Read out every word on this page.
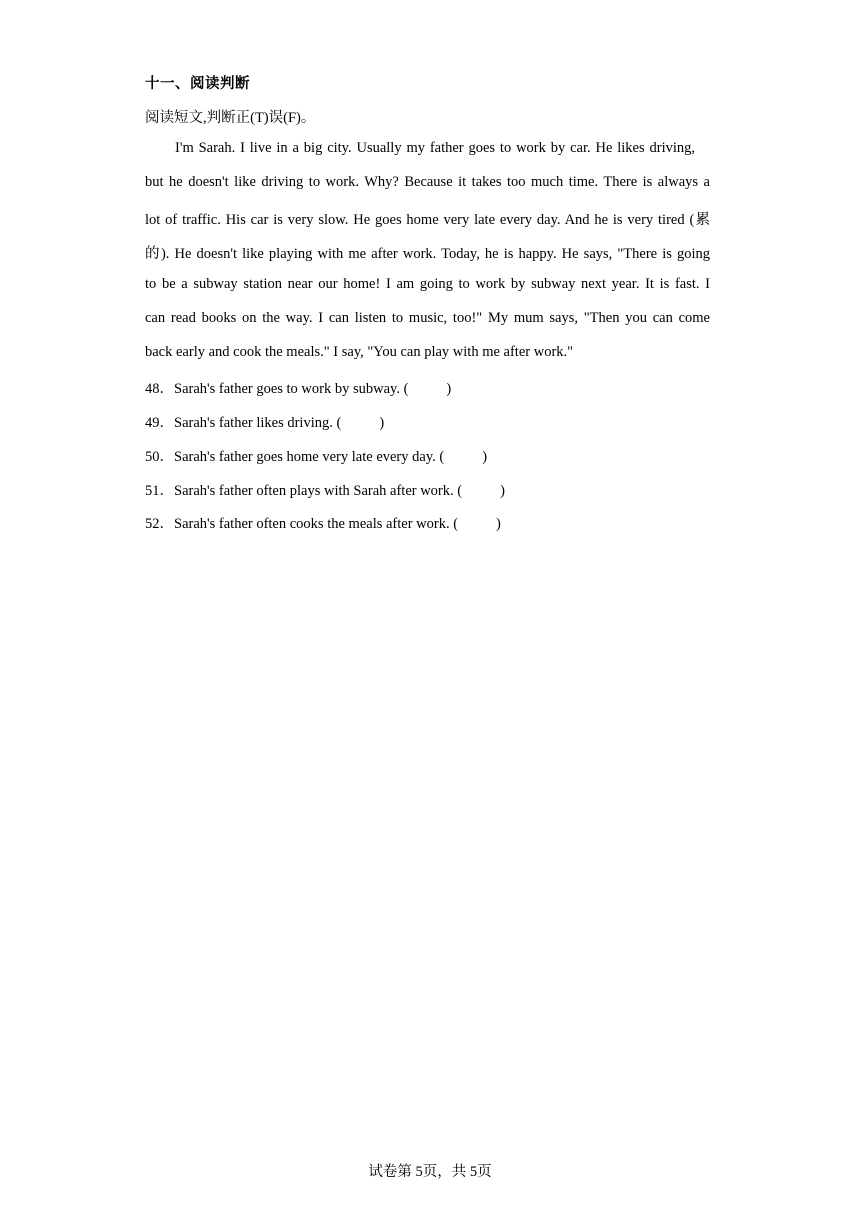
十一、阅读判断
阅读短文,判断正(T)误(F)。
I'm Sarah. I live in a big city. Usually my father goes to work by car. He likes driving,
but he doesn't like driving to work. Why? Because it takes too much time. There is always a
lot of traffic. His car is very slow. He goes home very late every day. And he is very tired (累
的). He doesn't like playing with me after work. Today, he is happy. He says, "There is going
to be a subway station near our home! I am going to work by subway next year. It is fast. I
can read books on the way. I can listen to music, too!" My mum says, "Then you can come
back early and cook the meals." I say, "You can play with me after work."
48．Sarah's father goes to work by subway. (	)
49．Sarah's father likes driving. (	)
50．Sarah's father goes home very late every day. (	)
51．Sarah's father often plays with Sarah after work. (	)
52．Sarah's father often cooks the meals after work. (	)
试卷第 5页，共 5页
